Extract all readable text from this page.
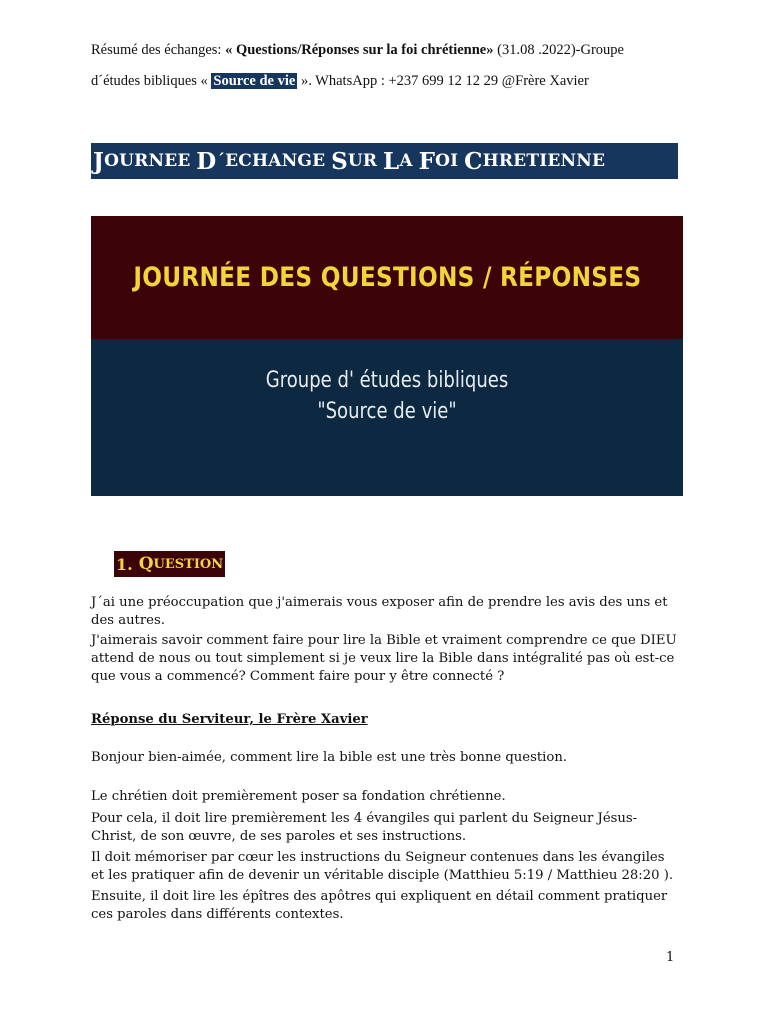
Résumé des échanges: « Questions/Réponses sur la foi chrétienne» (31.08 .2022)-Groupe
d´études bibliques « Source de vie ». WhatsApp : +237 699 12 12 29 @Frère Xavier
J OURNEE
D ´ECHANGE
S UR
L A
F OI
C HRETIENNE
JOURNÉE DES QUESTIONS / RÉPONSES
Groupe d' études bibliques
"Source de vie"
1. Q UESTION
J´ai une préoccupation que j'aimerais vous exposer afin de prendre les avis des uns et des autres.
J'aimerais savoir comment faire pour lire la Bible et vraiment comprendre ce que DIEU attend de nous ou tout simplement si je veux lire la Bible dans intégralité pas où est-ce que vous a commencé? Comment faire pour y être connecté ?
Réponse du Serviteur, le Frère Xavier
Bonjour bien-aimée, comment lire la bible est une très bonne question.
Le chrétien doit premièrement poser sa fondation chrétienne.
Pour cela, il doit lire premièrement les 4 évangiles qui parlent du Seigneur Jésus-Christ, de son œuvre, de ses paroles et ses instructions.
Il doit mémoriser par cœur les instructions du Seigneur contenues dans les évangiles et les pratiquer afin de devenir un véritable disciple (Matthieu 5:19 / Matthieu 28:20 ).
Ensuite, il doit lire les épîtres des apôtres qui expliquent en détail comment pratiquer ces paroles dans différents contextes.
1
